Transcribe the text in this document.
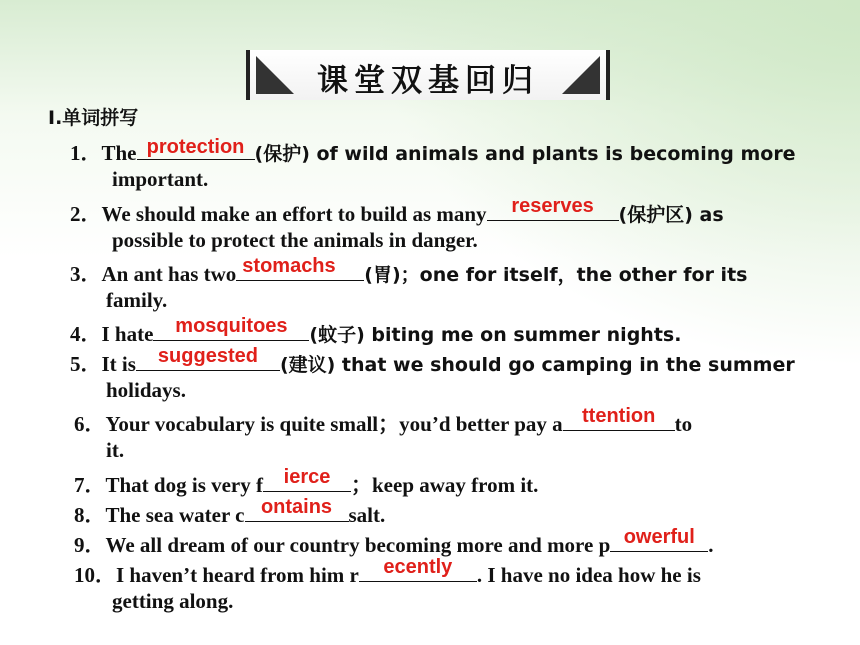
课堂双基回归
Ⅰ.单词拼写
1．The protection (保护) of wild animals and plants is becoming more
important.
2．We should make an effort to build as many	reserves	(保护区) as
possible to protect the animals in danger.
3．An ant has two stomachs	(胃)；one for itself，the other for its
family.
4．I hate	mosquitoes	(蚊子) biting me on summer nights.
5．It is	suggested	(建议) that we should go camping in the summer
holidays.
6．Your vocabulary is quite small；you’d better pay a ttention to
it.
7．That dog is very f	ierce ；keep away from it.
8．The sea water c ontains salt.
9．We all dream of our country becoming more and more p owerful .
10．I haven’t heard from him r	ecently	. I have no idea how he is
getting along.
